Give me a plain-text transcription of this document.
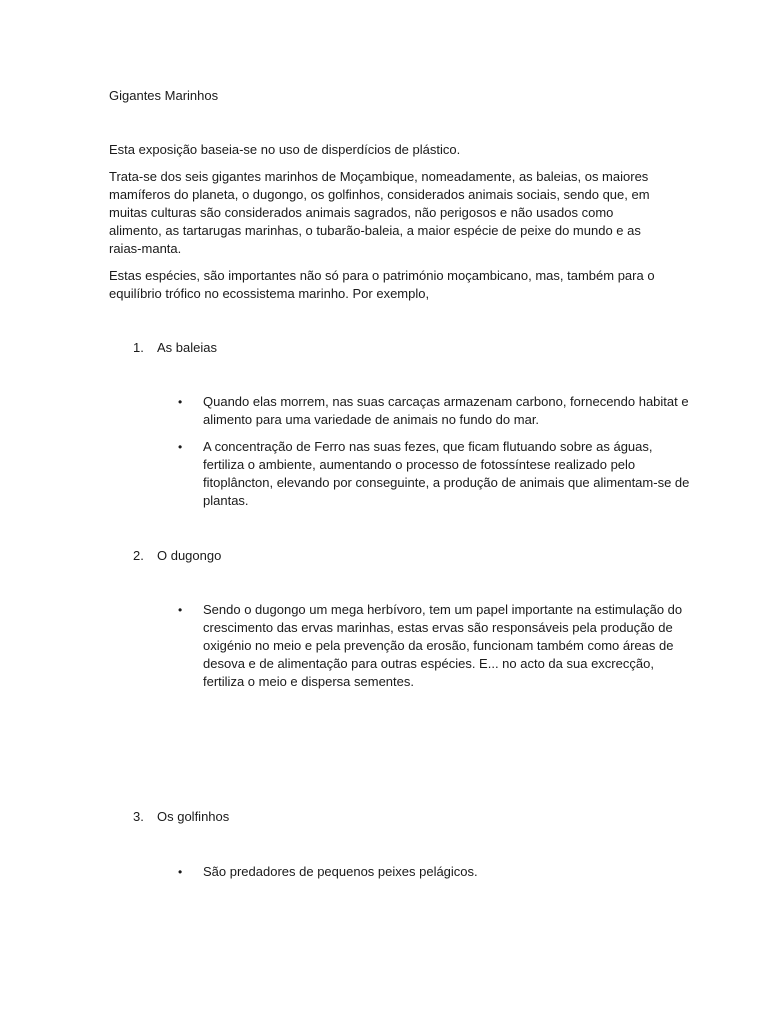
Gigantes Marinhos

Esta exposição baseia-se no uso de disperdícios de plástico.

Trata-se dos seis gigantes marinhos de Moçambique, nomeadamente, as baleias, os maiores mamíferos do planeta, o dugongo, os golfinhos, considerados animais sociais, sendo que, em muitas culturas são considerados animais sagrados, não perigosos e não usados como alimento, as tartarugas marinhas, o tubarão-baleia, a maior espécie de peixe do mundo e as raias-manta.

Estas espécies, são importantes não só para o património moçambicano, mas, também para o equilíbrio trófico no ecossistema marinho. Por exemplo,

1.	As baleias
• Quando elas morrem, nas suas carcaças armazenam carbono, fornecendo habitat e alimento para uma variedade de animais no fundo do mar.
• A concentração de Ferro nas suas fezes, que ficam flutuando sobre as águas, fertiliza o ambiente, aumentando o processo de fotossíntese realizado pelo fitoplâncton, elevando por conseguinte, a produção de animais que alimentam-se de plantas.
2.	O dugongo
• Sendo o dugongo um mega herbívoro, tem um papel importante na estimulação do crescimento das ervas marinhas, estas ervas são responsáveis pela produção de oxigénio no meio e pela prevenção da erosão, funcionam também como áreas de desova e de alimentação para outras espécies. E... no acto da sua excrecção, fertiliza o meio e dispersa sementes.
3.	Os golfinhos
• São predadores de pequenos peixes pelágicos.
